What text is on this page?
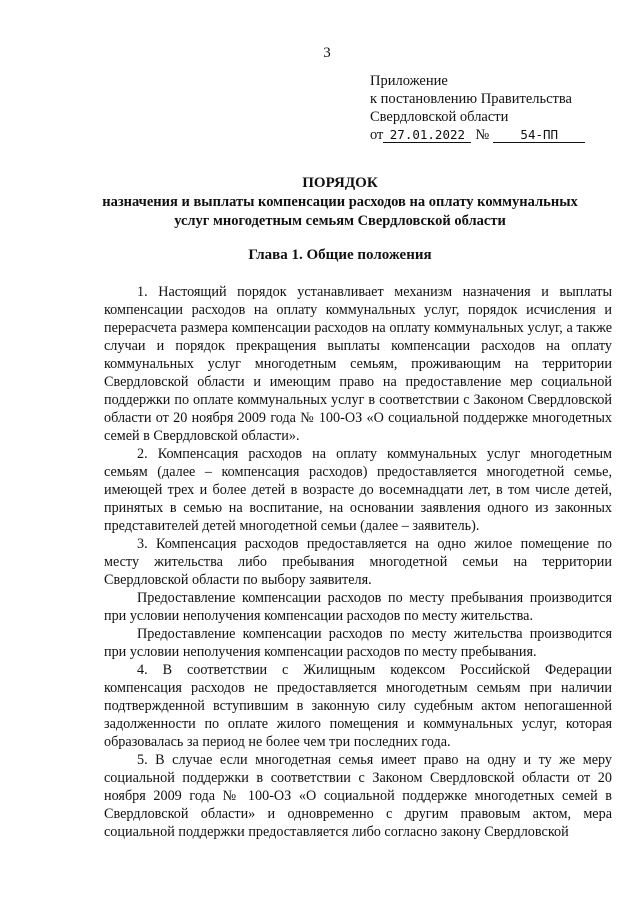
3
Приложение
к постановлению Правительства
Свердловской области
от 27.01.2022 № 54-ПП
ПОРЯДОК
назначения и выплаты компенсации расходов на оплату коммунальных
услуг многодетным семьям Свердловской области
Глава 1. Общие положения

1. Настоящий порядок устанавливает механизм назначения и выплаты компенсации расходов на оплату коммунальных услуг, порядок исчисления и перерасчета размера компенсации расходов на оплату коммунальных услуг, а также случаи и порядок прекращения выплаты компенсации расходов на оплату коммунальных услуг многодетным семьям, проживающим на территории Свердловской области и имеющим право на предоставление мер социальной поддержки по оплате коммунальных услуг в соответствии с Законом Свердловской области от 20 ноября 2009 года № 100-ОЗ «О социальной поддержке многодетных семей в Свердловской области».

2. Компенсация расходов на оплату коммунальных услуг многодетным семьям (далее – компенсация расходов) предоставляется многодетной семье, имеющей трех и более детей в возрасте до восемнадцати лет, в том числе детей, принятых в семью на воспитание, на основании заявления одного из законных представителей детей многодетной семьи (далее – заявитель).

3. Компенсация расходов предоставляется на одно жилое помещение по месту жительства либо пребывания многодетной семьи на территории Свердловской области по выбору заявителя.

Предоставление компенсации расходов по месту пребывания производится при условии неполучения компенсации расходов по месту жительства.

Предоставление компенсации расходов по месту жительства производится при условии неполучения компенсации расходов по месту пребывания.

4. В соответствии с Жилищным кодексом Российской Федерации компенсация расходов не предоставляется многодетным семьям при наличии подтвержденной вступившим в законную силу судебным актом непогашенной задолженности по оплате жилого помещения и коммунальных услуг, которая образовалась за период не более чем три последних года.

5. В случае если многодетная семья имеет право на одну и ту же меру социальной поддержки в соответствии с Законом Свердловской области от 20 ноября 2009 года № 100-ОЗ «О социальной поддержке многодетных семей в Свердловской области» и одновременно с другим правовым актом, мера социальной поддержки предоставляется либо согласно закону Свердловской
